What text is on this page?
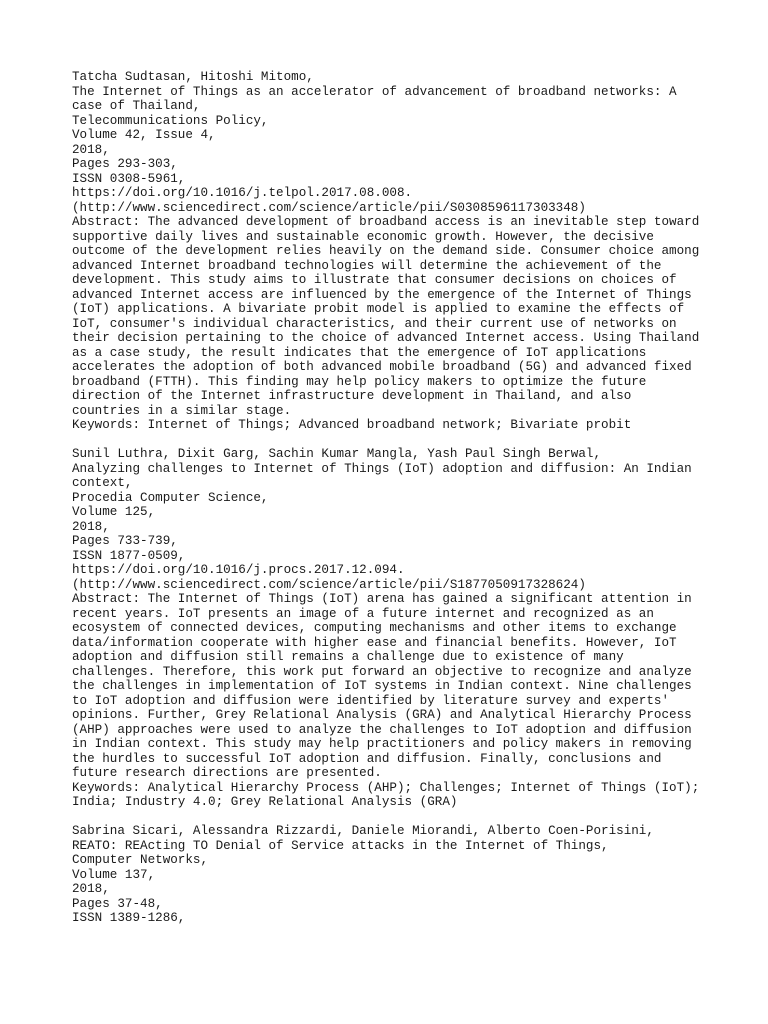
Tatcha Sudtasan, Hitoshi Mitomo,
The Internet of Things as an accelerator of advancement of broadband networks: A
case of Thailand,
Telecommunications Policy,
Volume 42, Issue 4,
2018,
Pages 293-303,
ISSN 0308-5961,
https://doi.org/10.1016/j.telpol.2017.08.008.
(http://www.sciencedirect.com/science/article/pii/S0308596117303348)
Abstract: The advanced development of broadband access is an inevitable step toward
supportive daily lives and sustainable economic growth. However, the decisive
outcome of the development relies heavily on the demand side. Consumer choice among
advanced Internet broadband technologies will determine the achievement of the
development. This study aims to illustrate that consumer decisions on choices of
advanced Internet access are influenced by the emergence of the Internet of Things
(IoT) applications. A bivariate probit model is applied to examine the effects of
IoT, consumer's individual characteristics, and their current use of networks on
their decision pertaining to the choice of advanced Internet access. Using Thailand
as a case study, the result indicates that the emergence of IoT applications
accelerates the adoption of both advanced mobile broadband (5G) and advanced fixed
broadband (FTTH). This finding may help policy makers to optimize the future
direction of the Internet infrastructure development in Thailand, and also
countries in a similar stage.
Keywords: Internet of Things; Advanced broadband network; Bivariate probit
Sunil Luthra, Dixit Garg, Sachin Kumar Mangla, Yash Paul Singh Berwal,
Analyzing challenges to Internet of Things (IoT) adoption and diffusion: An Indian
context,
Procedia Computer Science,
Volume 125,
2018,
Pages 733-739,
ISSN 1877-0509,
https://doi.org/10.1016/j.procs.2017.12.094.
(http://www.sciencedirect.com/science/article/pii/S1877050917328624)
Abstract: The Internet of Things (IoT) arena has gained a significant attention in
recent years. IoT presents an image of a future internet and recognized as an
ecosystem of connected devices, computing mechanisms and other items to exchange
data/information cooperate with higher ease and financial benefits. However, IoT
adoption and diffusion still remains a challenge due to existence of many
challenges. Therefore, this work put forward an objective to recognize and analyze
the challenges in implementation of IoT systems in Indian context. Nine challenges
to IoT adoption and diffusion were identified by literature survey and experts'
opinions. Further, Grey Relational Analysis (GRA) and Analytical Hierarchy Process
(AHP) approaches were used to analyze the challenges to IoT adoption and diffusion
in Indian context. This study may help practitioners and policy makers in removing
the hurdles to successful IoT adoption and diffusion. Finally, conclusions and
future research directions are presented.
Keywords: Analytical Hierarchy Process (AHP); Challenges; Internet of Things (IoT);
India; Industry 4.0; Grey Relational Analysis (GRA)
Sabrina Sicari, Alessandra Rizzardi, Daniele Miorandi, Alberto Coen-Porisini,
REATO: REActing TO Denial of Service attacks in the Internet of Things,
Computer Networks,
Volume 137,
2018,
Pages 37-48,
ISSN 1389-1286,
